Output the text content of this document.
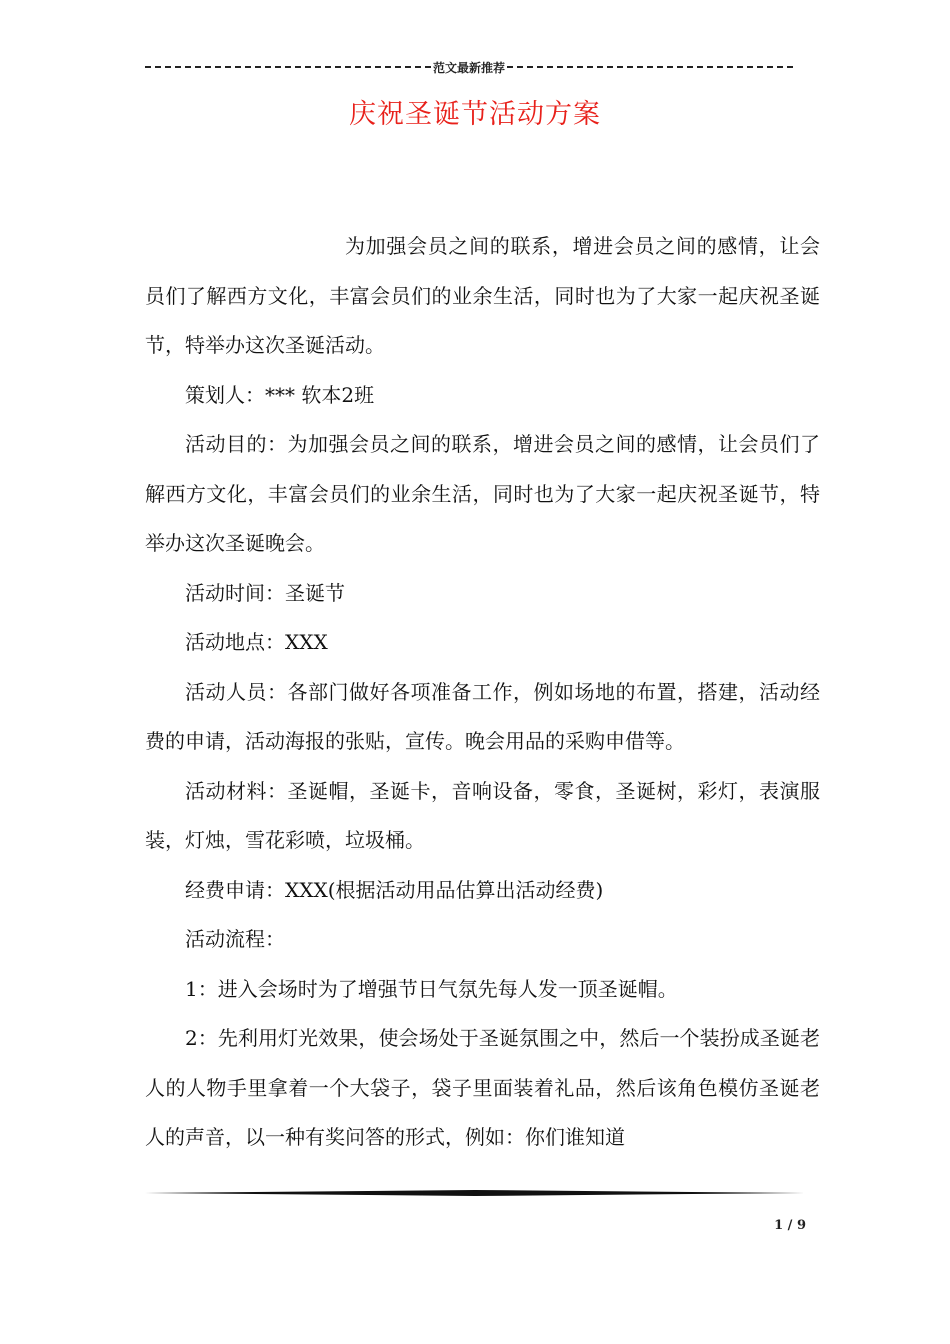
范文最新推荐
庆祝圣诞节活动方案

为加强会员之间的联系，增进会员之间的感情，让会员们了解西方文化，丰富会员们的业余生活，同时也为了大家一起庆祝圣诞节，特举办这次圣诞活动。

策划人：*** 软本2班

活动目的：为加强会员之间的联系，增进会员之间的感情，让会员们了解西方文化，丰富会员们的业余生活，同时也为了大家一起庆祝圣诞节，特举办这次圣诞晚会。

活动时间：圣诞节

活动地点：XXX

活动人员：各部门做好各项准备工作，例如场地的布置，搭建，活动经费的申请，活动海报的张贴，宣传。晚会用品的采购申借等。

活动材料：圣诞帽，圣诞卡，音响设备，零食，圣诞树，彩灯，表演服装，灯烛，雪花彩喷，垃圾桶。

经费申请：XXX(根据活动用品估算出活动经费)

活动流程：

1：进入会场时为了增强节日气氛先每人发一顶圣诞帽。

2：先利用灯光效果，使会场处于圣诞氛围之中，然后一个装扮成圣诞老人的人物手里拿着一个大袋子，袋子里面装着礼品，然后该角色模仿圣诞老人的声音，以一种有奖问答的形式，例如：你们谁知道

1 / 9
